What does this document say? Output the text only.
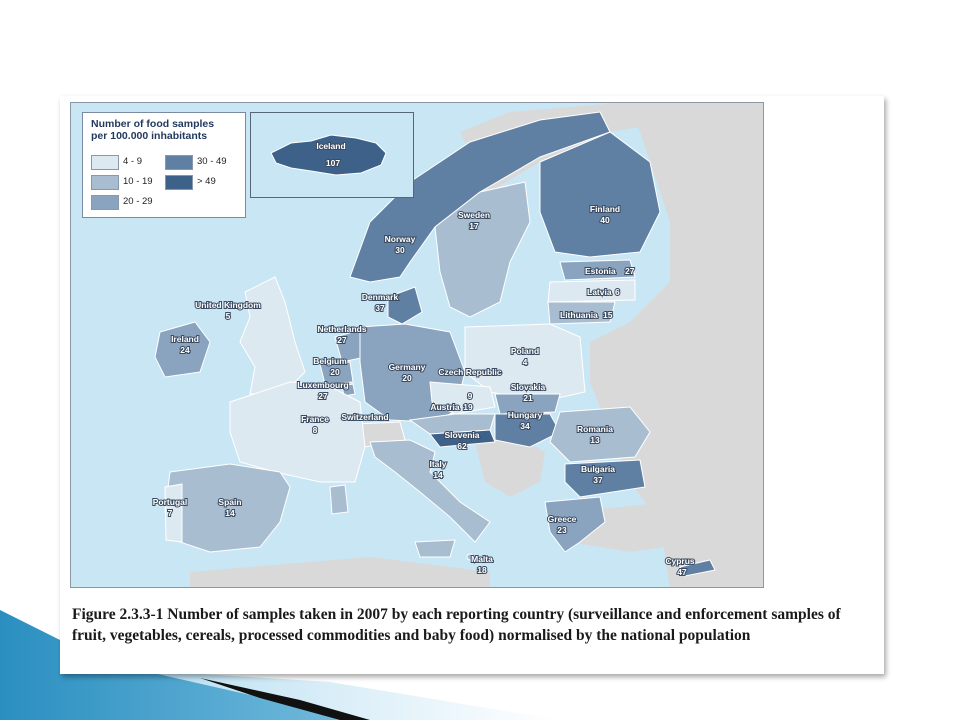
Norway
30
Sweden
17
Finland
40
Estonia 27
Latvia 6
Lithuania 15
Denmark
37
United Kingdom
5
Ireland
24
Netherlands
27
Belgium
20
Luxembourg
27
Germany
20
Poland
4
Czech Republic
9
Slovakia
21
Austria 19
Hungary
34
Switzerland
France
8	Slovenia
62
Romania
13
Bulgaria
37
Italy
14
Portugal
7
Spain
14
Greece
23
Malta
18
Cyprus
47
Iceland
107
Number of food samples
per 100.000 inhabitants
4 - 9
10 - 19
20 - 29
30 - 49
> 49
Figure 2.3.3-1 Number of samples taken in 2007 by each reporting country (surveillance and enforcement samples of fruit, vegetables, cereals, processed commodities and baby food) normalised by the national population
